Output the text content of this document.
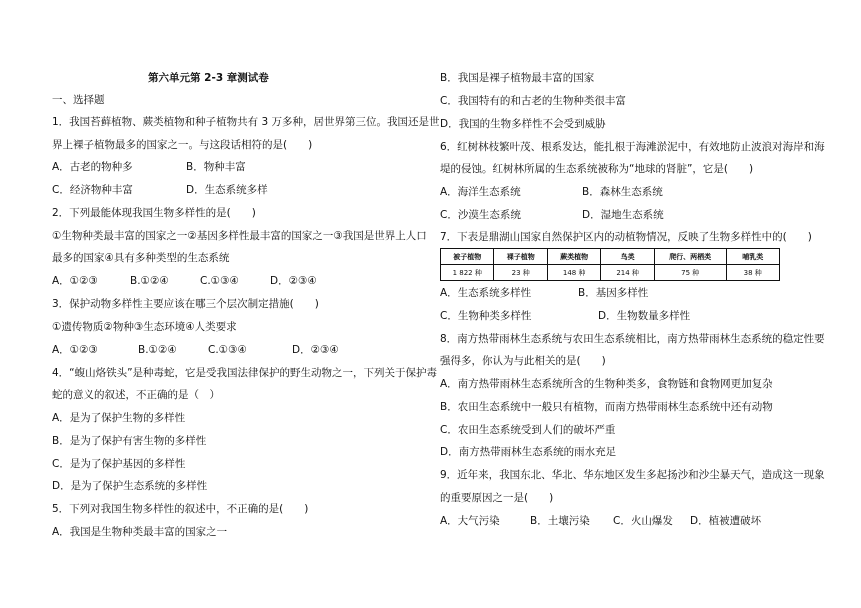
第六单元第 2-3 章测试卷
一、选择题
1．我国苔藓植物、蕨类植物和种子植物共有 3 万多种，居世界第三位。我国还是世
界上裸子植物最多的国家之一。与这段话相符的是(　　)
A．古老的物种多	B．物种丰富
C．经济物种丰富	D．生态系统多样
2．下列最能体现我国生物多样性的是(　　)
①生物种类最丰富的国家之一②基因多样性最丰富的国家之一③我国是世界上人口
最多的国家④具有多种类型的生态系统
A．①②③	B.①②④	C.①③④	D．②③④
3．保护动物多样性主要应该在哪三个层次制定措施(　　)
①遗传物质②物种③生态环境④人类要求
A．①②③	B.①②④	C.①③④	D．②③④
4．“蝮山烙铁头”是种毒蛇，它是受我国法律保护的野生动物之一，下列关于保护毒
蛇的意义的叙述，不正确的是（　）
A．是为了保护生物的多样性
B．是为了保护有害生物的多样性
C．是为了保护基因的多样性
D．是为了保护生态系统的多样性
5．下列对我国生物多样性的叙述中，不正确的是(　　)
A．我国是生物种类最丰富的国家之一
B．我国是裸子植物最丰富的国家
C．我国特有的和古老的生物种类很丰富
D．我国的生物多样性不会受到威胁
6．红树林枝繁叶茂、根系发达，能扎根于海滩淤泥中，有效地防止波浪对海岸和海
堤的侵蚀。红树林所属的生态系统被称为“地球的肾脏”，它是(　　)
A．海洋生态系统	B．森林生态系统
C．沙漠生态系统	D．湿地生态系统
7．下表是鼎湖山国家自然保护区内的动植物情况，反映了生物多样性中的(　　)
被子植物	裸子植物	蕨类植物	鸟类	爬行、两栖类	哺乳类
1 822 种	23 种	148 种	214 种	75 种	38 种
A．生态系统多样性	B．基因多样性
C．生物种类多样性	D．生物数量多样性
8．南方热带雨林生态系统与农田生态系统相比，南方热带雨林生态系统的稳定性要
强得多，你认为与此相关的是(　　)
A．南方热带雨林生态系统所含的生物种类多，食物链和食物网更加复杂
B．农田生态系统中一般只有植物，而南方热带雨林生态系统中还有动物
C．农田生态系统受到人们的破坏严重
D．南方热带雨林生态系统的雨水充足
9．近年来，我国东北、华北、华东地区发生多起扬沙和沙尘暴天气，造成这一现象
的重要原因之一是(　　)
A．大气污染	B．土壤污染 C．火山爆发 D．植被遭破坏
